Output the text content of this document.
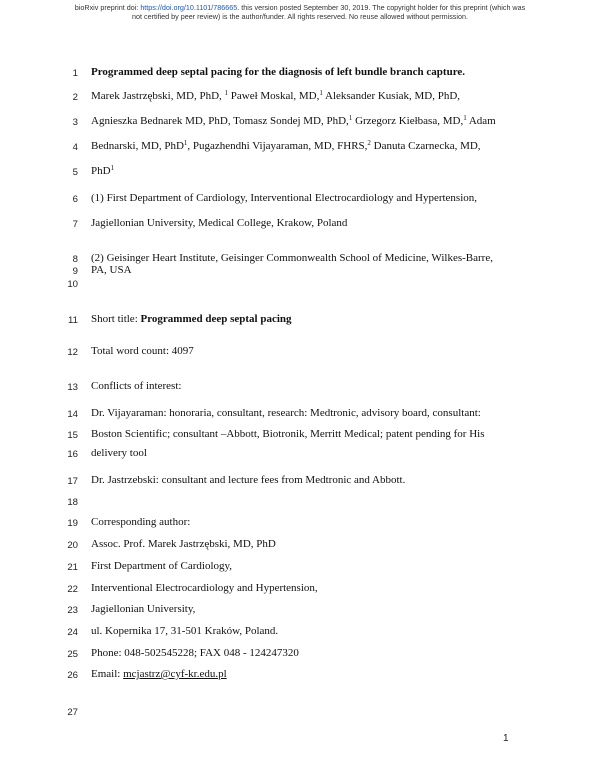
bioRxiv preprint doi: https://doi.org/10.1101/786665. this version posted September 30, 2019. The copyright holder for this preprint (which was
not certified by peer review) is the author/funder. All rights reserved. No reuse allowed without permission.
1
2
3
4
5
6
7
8
9
10
11
12
13
14
15
16
17
18
19
20
21
22
23
24
25
26
27
Programmed deep septal pacing for the diagnosis of left bundle branch capture.
Marek Jastrzębski, MD, PhD, $^1$ Paweł Moskal, MD,$^1$ Aleksander Kusiak, MD, PhD,
Agnieszka Bednarek MD, PhD, Tomasz Sondej MD, PhD,$^1$ Grzegorz Kiełbasa, MD,$^1$ Adam
Bednarski, MD, PhD$^1$, Pugazhendhi Vijayaraman, MD, FHRS,$^2$ Danuta Czarnecka, MD,
PhD$^1$
(1) First Department of Cardiology, Interventional Electrocardiology and Hypertension,
Jagiellonian University, Medical College, Krakow, Poland
(2) Geisinger Heart Institute, Geisinger Commonwealth School of Medicine, Wilkes-Barre,
PA, USA
Short title: Programmed deep septal pacing
Total word count: 4097
Conflicts of interest:
Dr. Vijayaraman: honoraria, consultant, research: Medtronic, advisory board, consultant:
Boston Scientific; consultant –Abbott, Biotronik, Merritt Medical; patent pending for His
delivery tool
Dr. Jastrzebski: consultant and lecture fees from Medtronic and Abbott.
Corresponding author:
Assoc. Prof. Marek Jastrzębski, MD, PhD
First Department of Cardiology,
Interventional Electrocardiology and Hypertension,
Jagiellonian University,
ul. Kopernika 17, 31-501 Kraków, Poland.
Phone: 048-502545228; FAX 048 - 124247320
Email: mcjastrz@cyf-kr.edu.pl
1
